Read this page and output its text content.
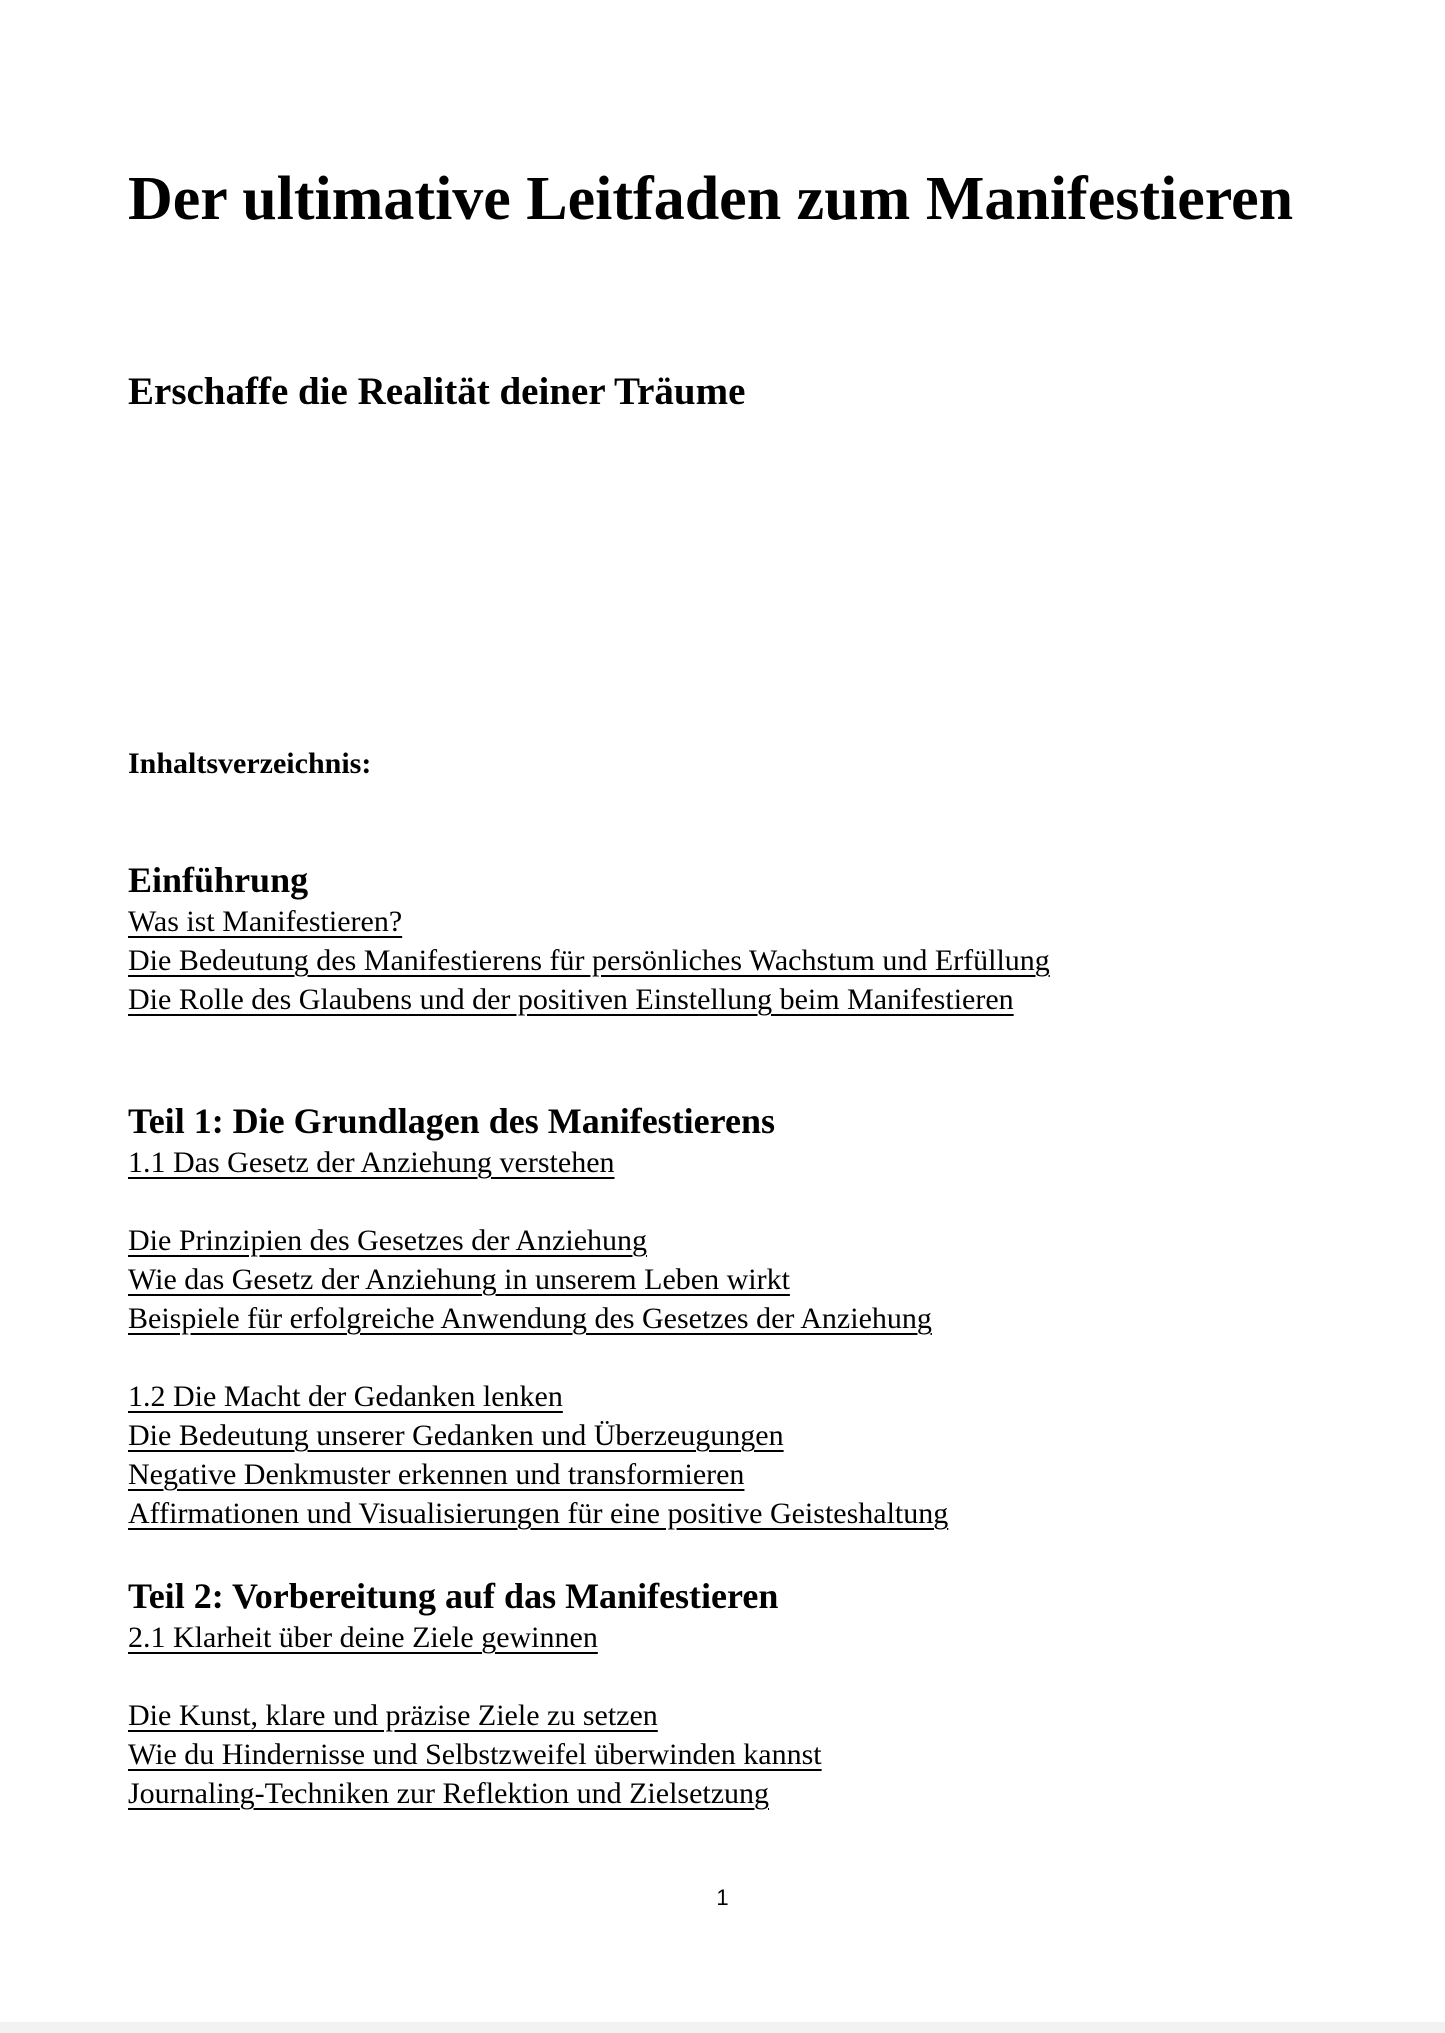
Der ultimative Leitfaden zum Manifestieren
Erschaffe die Realität deiner Träume
Inhaltsverzeichnis:
Einführung
Was ist Manifestieren?
Die Bedeutung des Manifestierens für persönliches Wachstum und Erfüllung
Die Rolle des Glaubens und der positiven Einstellung beim Manifestieren
Teil 1: Die Grundlagen des Manifestierens
1.1 Das Gesetz der Anziehung verstehen
Die Prinzipien des Gesetzes der Anziehung
Wie das Gesetz der Anziehung in unserem Leben wirkt
Beispiele für erfolgreiche Anwendung des Gesetzes der Anziehung
1.2 Die Macht der Gedanken lenken
Die Bedeutung unserer Gedanken und Überzeugungen
Negative Denkmuster erkennen und transformieren
Affirmationen und Visualisierungen für eine positive Geisteshaltung
Teil 2: Vorbereitung auf das Manifestieren
2.1 Klarheit über deine Ziele gewinnen
Die Kunst, klare und präzise Ziele zu setzen
Wie du Hindernisse und Selbstzweifel überwinden kannst
Journaling-Techniken zur Reflektion und Zielsetzung
1
